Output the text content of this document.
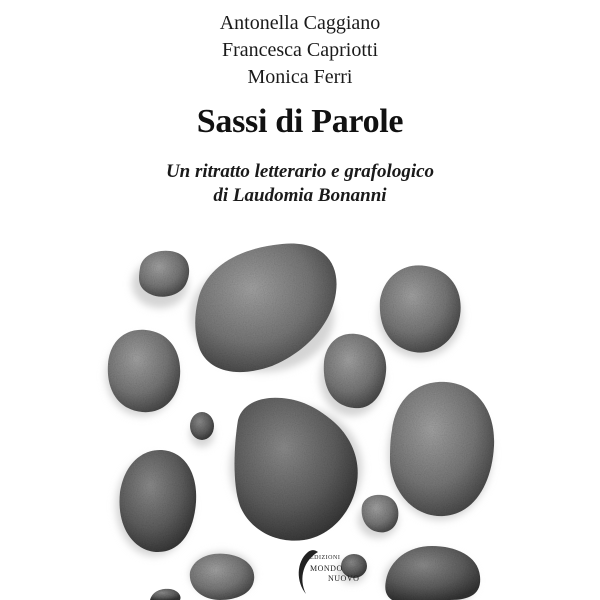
Antonella Caggiano
Francesca Capriotti
Monica Ferri
Sassi di Parole
Un ritratto letterario e grafologico
di Laudomia Bonanni
EDIZIONI
MONDO
NUOVO
